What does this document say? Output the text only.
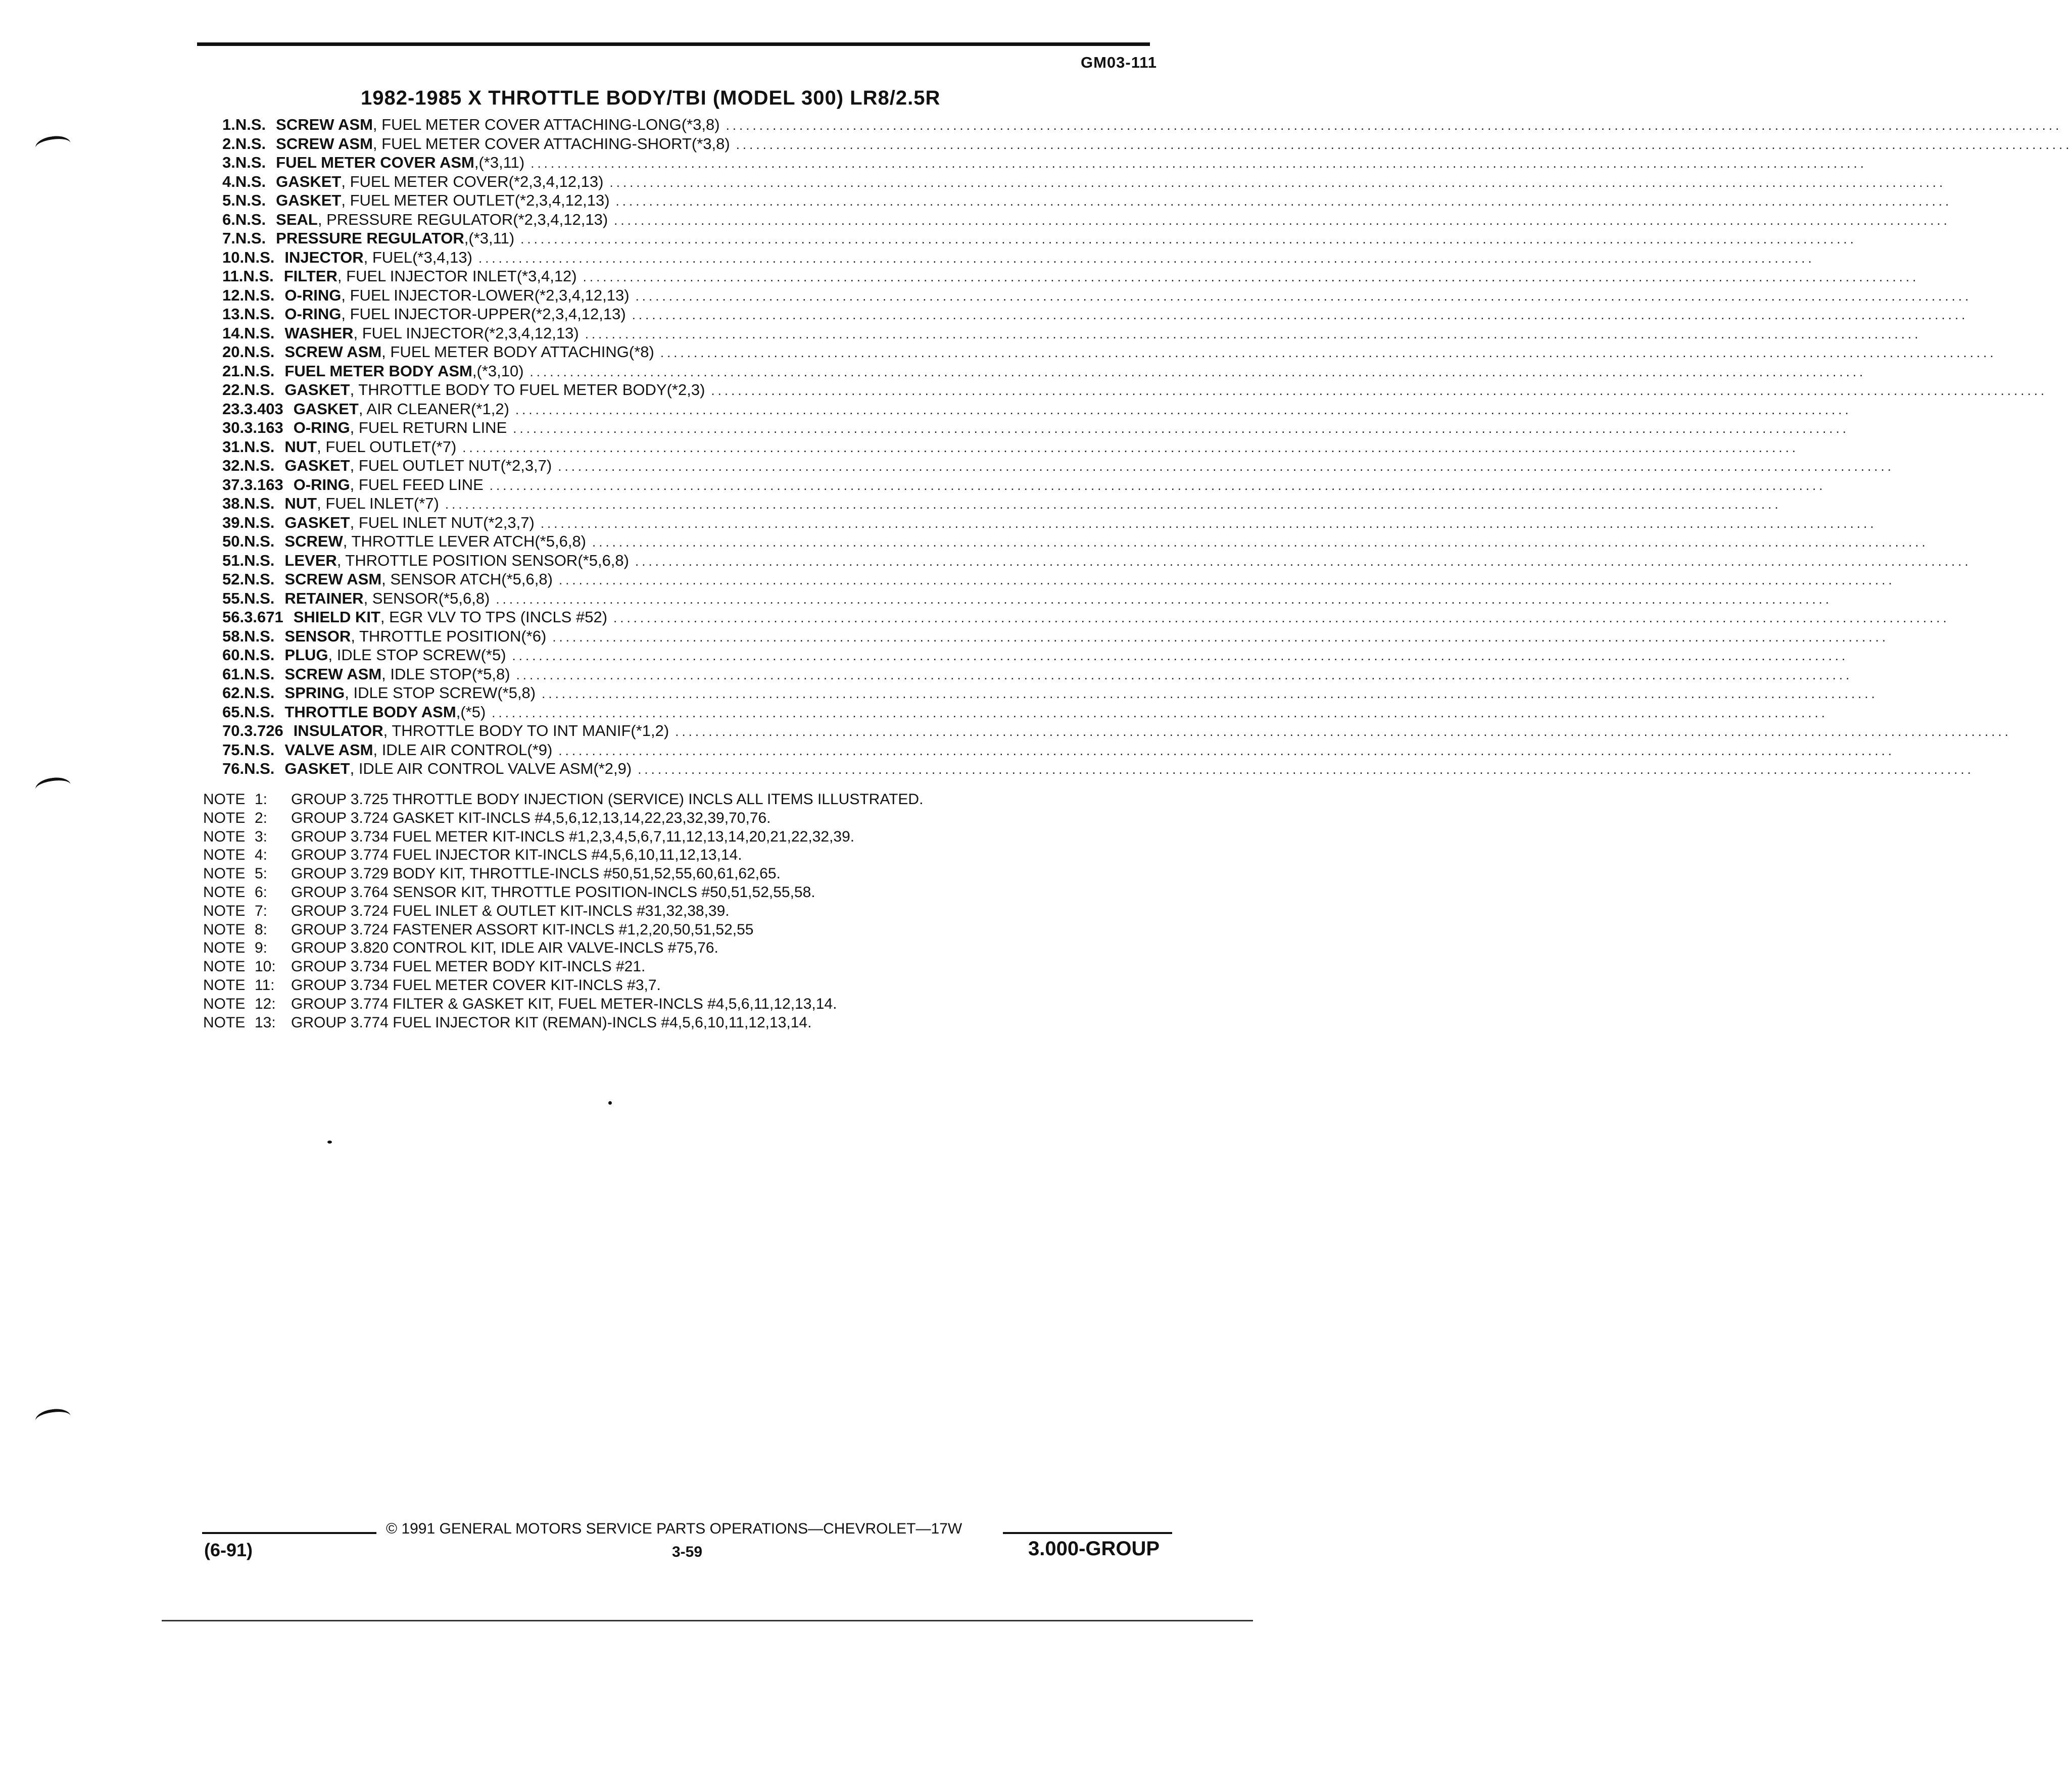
GM03-111
1982-1985 X THROTTLE BODY/TBI (MODEL 300) LR8/2.5R
1. N.S. SCREW ASM , FUEL METER COVER ATTACHING-LONG (*3,8) ........................................................................................................................................................................................................
2. N.S. SCREW ASM , FUEL METER COVER ATTACHING-SHORT (*3,8) ........................................................................................................................................................................................................
3. N.S. FUEL METER COVER ASM , (*3,11) ........................................................................................................................................................................................................
4. N.S. GASKET , FUEL METER COVER (*2,3,4,12,13) ........................................................................................................................................................................................................
5. N.S. GASKET , FUEL METER OUTLET (*2,3,4,12,13) ........................................................................................................................................................................................................
6. N.S. SEAL , PRESSURE REGULATOR (*2,3,4,12,13) ........................................................................................................................................................................................................
7. N.S. PRESSURE REGULATOR , (*3,11) ........................................................................................................................................................................................................
10. N.S. INJECTOR , FUEL (*3,4,13) ........................................................................................................................................................................................................
11. N.S. FILTER , FUEL INJECTOR INLET (*3,4,12) ........................................................................................................................................................................................................
12. N.S. O-RING , FUEL INJECTOR-LOWER (*2,3,4,12,13) ........................................................................................................................................................................................................
13. N.S. O-RING , FUEL INJECTOR-UPPER (*2,3,4,12,13) ........................................................................................................................................................................................................
14. N.S. WASHER , FUEL INJECTOR (*2,3,4,12,13) ........................................................................................................................................................................................................
20. N.S. SCREW ASM , FUEL METER BODY ATTACHING (*8) ........................................................................................................................................................................................................
21. N.S. FUEL METER BODY ASM , (*3,10) ........................................................................................................................................................................................................
22. N.S. GASKET , THROTTLE BODY TO FUEL METER BODY (*2,3) ........................................................................................................................................................................................................
23. 3.403 GASKET , AIR CLEANER (*1,2) ........................................................................................................................................................................................................
30. 3.163 O-RING , FUEL RETURN LINE ........................................................................................................................................................................................................
31. N.S. NUT , FUEL OUTLET (*7) ........................................................................................................................................................................................................
32. N.S. GASKET , FUEL OUTLET NUT (*2,3,7) ........................................................................................................................................................................................................
37. 3.163 O-RING , FUEL FEED LINE ........................................................................................................................................................................................................
38. N.S. NUT , FUEL INLET (*7) ........................................................................................................................................................................................................
39. N.S. GASKET , FUEL INLET NUT (*2,3,7) ........................................................................................................................................................................................................
50. N.S. SCREW , THROTTLE LEVER ATCH (*5,6,8) ........................................................................................................................................................................................................
51. N.S. LEVER , THROTTLE POSITION SENSOR (*5,6,8) ........................................................................................................................................................................................................
52. N.S. SCREW ASM , SENSOR ATCH (*5,6,8) ........................................................................................................................................................................................................
55. N.S. RETAINER , SENSOR (*5,6,8) ........................................................................................................................................................................................................
56. 3.671 SHIELD KIT , EGR VLV TO TPS (INCLS #52) ........................................................................................................................................................................................................
58. N.S. SENSOR , THROTTLE POSITION (*6) ........................................................................................................................................................................................................
60. N.S. PLUG , IDLE STOP SCREW (*5) ........................................................................................................................................................................................................
61. N.S. SCREW ASM , IDLE STOP (*5,8) ........................................................................................................................................................................................................
62. N.S. SPRING , IDLE STOP SCREW (*5,8) ........................................................................................................................................................................................................
65. N.S. THROTTLE BODY ASM , (*5) ........................................................................................................................................................................................................
70. 3.726 INSULATOR , THROTTLE BODY TO INT MANIF (*1,2) ........................................................................................................................................................................................................
75. N.S. VALVE ASM , IDLE AIR CONTROL (*9) ........................................................................................................................................................................................................
76. N.S. GASKET , IDLE AIR CONTROL VALVE ASM (*2,9) ........................................................................................................................................................................................................
NOTE 1:	GROUP 3.725 THROTTLE BODY INJECTION (SERVICE) INCLS ALL ITEMS ILLUSTRATED.
NOTE 2:	GROUP 3.724 GASKET KIT-INCLS #4,5,6,12,13,14,22,23,32,39,70,76.
NOTE 3:	GROUP 3.734 FUEL METER KIT-INCLS #1,2,3,4,5,6,7,11,12,13,14,20,21,22,32,39.
NOTE 4:	GROUP 3.774 FUEL INJECTOR KIT-INCLS #4,5,6,10,11,12,13,14.
NOTE 5:	GROUP 3.729 BODY KIT, THROTTLE-INCLS #50,51,52,55,60,61,62,65.
NOTE 6:	GROUP 3.764 SENSOR KIT, THROTTLE POSITION-INCLS #50,51,52,55,58.
NOTE 7:	GROUP 3.724 FUEL INLET & OUTLET KIT-INCLS #31,32,38,39.
NOTE 8:	GROUP 3.724 FASTENER ASSORT KIT-INCLS #1,2,20,50,51,52,55
NOTE 9:	GROUP 3.820 CONTROL KIT, IDLE AIR VALVE-INCLS #75,76.
NOTE 10:	GROUP 3.734 FUEL METER BODY KIT-INCLS #21.
NOTE 11:	GROUP 3.734 FUEL METER COVER KIT-INCLS #3,7.
NOTE 12:	GROUP 3.774 FILTER & GASKET KIT, FUEL METER-INCLS #4,5,6,11,12,13,14.
NOTE 13:	GROUP 3.774 FUEL INJECTOR KIT (REMAN)-INCLS #4,5,6,10,11,12,13,14.
© 1991 GENERAL MOTORS SERVICE PARTS OPERATIONS—CHEVROLET—17W
(6-91)	3-59	3.000-GROUP
